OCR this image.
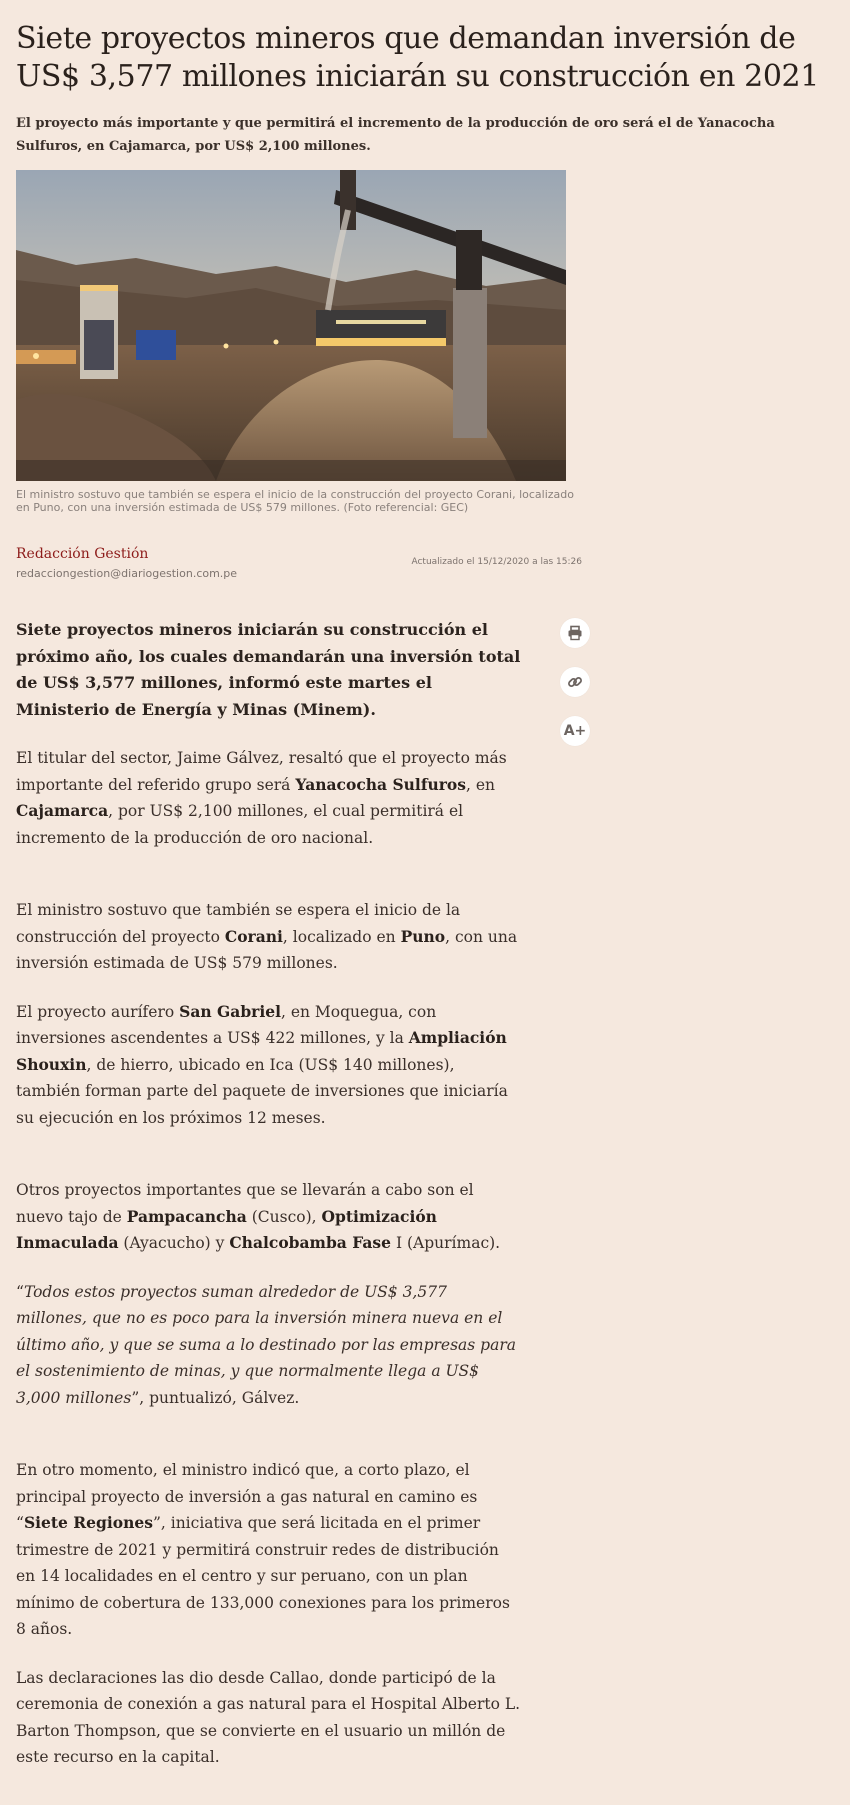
Siete proyectos mineros que demandan inversión de US$ 3,577 millones iniciarán su construcción en 2021

El proyecto más importante y que permitirá el incremento de la producción de oro será el de Yanacocha Sulfuros, en Cajamarca, por US$ 2,100 millones.

El ministro sostuvo que también se espera el inicio de la construcción del proyecto Corani, localizado en Puno, con una inversión estimada de US$ 579 millones. (Foto referencial: GEC)
Redacción Gestión
redacciongestion@diariogestion.com.pe
Actualizado el 15/12/2020 a las 15:26
A+

Siete proyectos mineros iniciarán su construcción el próximo año, los cuales demandarán una inversión total de US$ 3,577 millones, informó este martes el Ministerio de Energía y Minas (Minem).

El titular del sector, Jaime Gálvez, resaltó que el proyecto más importante del referido grupo será Yanacocha Sulfuros, en Cajamarca, por US$ 2,100 millones, el cual permitirá el incremento de la producción de oro nacional.

El ministro sostuvo que también se espera el inicio de la construcción del proyecto Corani, localizado en Puno, con una inversión estimada de US$ 579 millones.

El proyecto aurífero San Gabriel, en Moquegua, con inversiones ascendentes a US$ 422 millones, y la Ampliación Shouxin, de hierro, ubicado en Ica (US$ 140 millones), también forman parte del paquete de inversiones que iniciaría su ejecución en los próximos 12 meses.

Otros proyectos importantes que se llevarán a cabo son el nuevo tajo de Pampacancha (Cusco), Optimización Inmaculada (Ayacucho) y Chalcobamba Fase I (Apurímac).

“Todos estos proyectos suman alrededor de US$ 3,577 millones, que no es poco para la inversión minera nueva en el último año, y que se suma a lo destinado por las empresas para el sostenimiento de minas, y que normalmente llega a US$ 3,000 millones”, puntualizó, Gálvez.

En otro momento, el ministro indicó que, a corto plazo, el principal proyecto de inversión a gas natural en camino es “Siete Regiones”, iniciativa que será licitada en el primer trimestre de 2021 y permitirá construir redes de distribución en 14 localidades en el centro y sur peruano, con un plan mínimo de cobertura de 133,000 conexiones para los primeros 8 años.

Las declaraciones las dio desde Callao, donde participó de la ceremonia de conexión a gas natural para el Hospital Alberto L. Barton Thompson, que se convierte en el usuario un millón de este recurso en la capital.
